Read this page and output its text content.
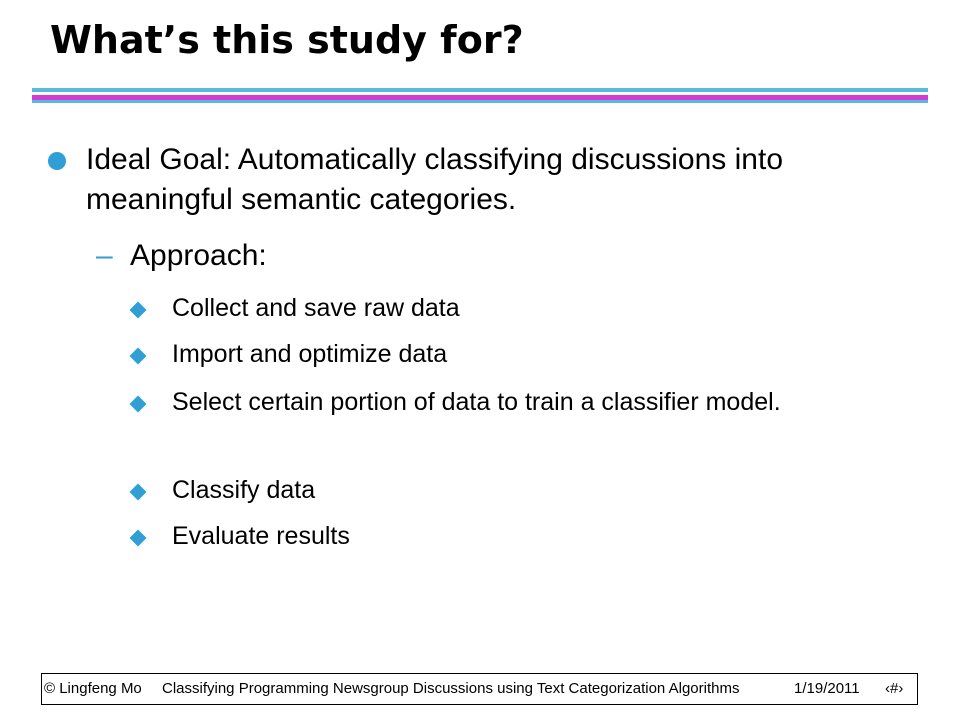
What’s this study for?
Ideal Goal: Automatically classifying discussions into meaningful semantic categories.
– Approach:
Collect and save raw data
Import and optimize data
Select certain portion of data to train a classifier model.
Classify data
Evaluate results
© Lingfeng Mo Classifying Programming Newsgroup Discussions using Text Categorization Algorithms	1/19/2011 ‹#›
